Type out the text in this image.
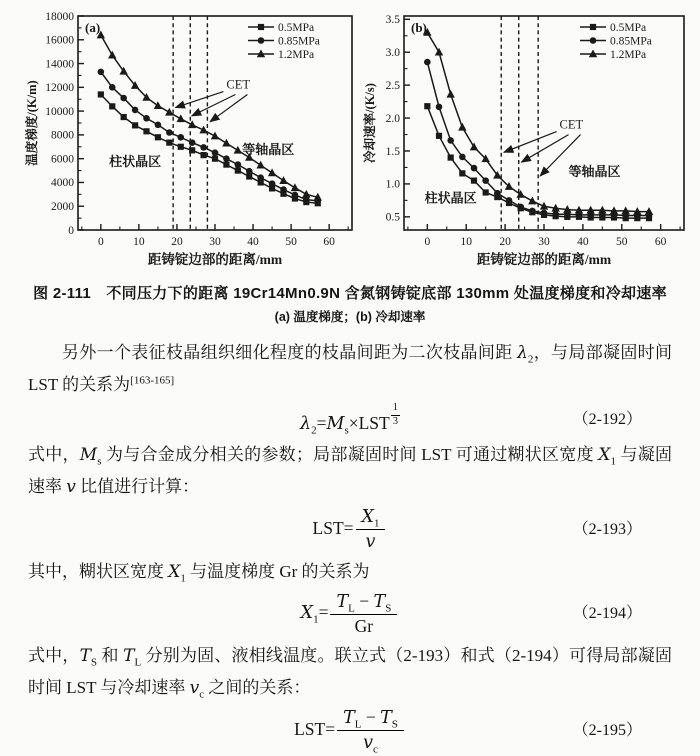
0	10 20 30 40 50 60
0
2000
4000
6000
8000
10000
12000
14000
16000
18000
距铸锭边部的距离/mm
温度梯度/(K/m)	CET
柱状晶区
等轴晶区
(a)	0.5MPa
0.85MPa
1.2MPa
0	10 20 30 40 50 60
0.5
1.0
1.5
2.0
2.5
3.0
3.5
距铸锭边部的距离/mm
冷却速率/(K/s)	CET
柱状晶区
等轴晶区
(b)	0.5MPa
0.85MPa
1.2MPa
图 2-111　不同压力下的距离 19Cr14Mn0.9N 含氮钢铸锭底部 130mm 处温度梯度和冷却速率
(a) 温度梯度；(b) 冷却速率

另外一个表征枝晶组织细化程度的枝晶间距为二次枝晶间距 $\lambda_2$，与局部凝固时间 LST 的关系为[163-165]

$\lambda_2=M_s\times LST \frac{1}{3}$	（2-192）

式中，$M_s$ 为与合金成分相关的参数；局部凝固时间 LST 可通过糊状区宽度 $X_1$ 与凝固速率 v 比值进行计算：

$LST= \frac{X_1}{v}$	（2-193）

其中，糊状区宽度 $X_1$ 与温度梯度 Gr 的关系为

$X_1= \frac{T_L - T_S}{Gr}$	（2-194）

式中，$T_S$ 和 $T_L$ 分别为固、液相线温度。联立式（2-193）和式（2-194）可得局部凝固时间 LST 与冷却速率 $v_c$ 之间的关系：

$LST= \frac{T_L - T_S}{v_c}$	（2-195）
